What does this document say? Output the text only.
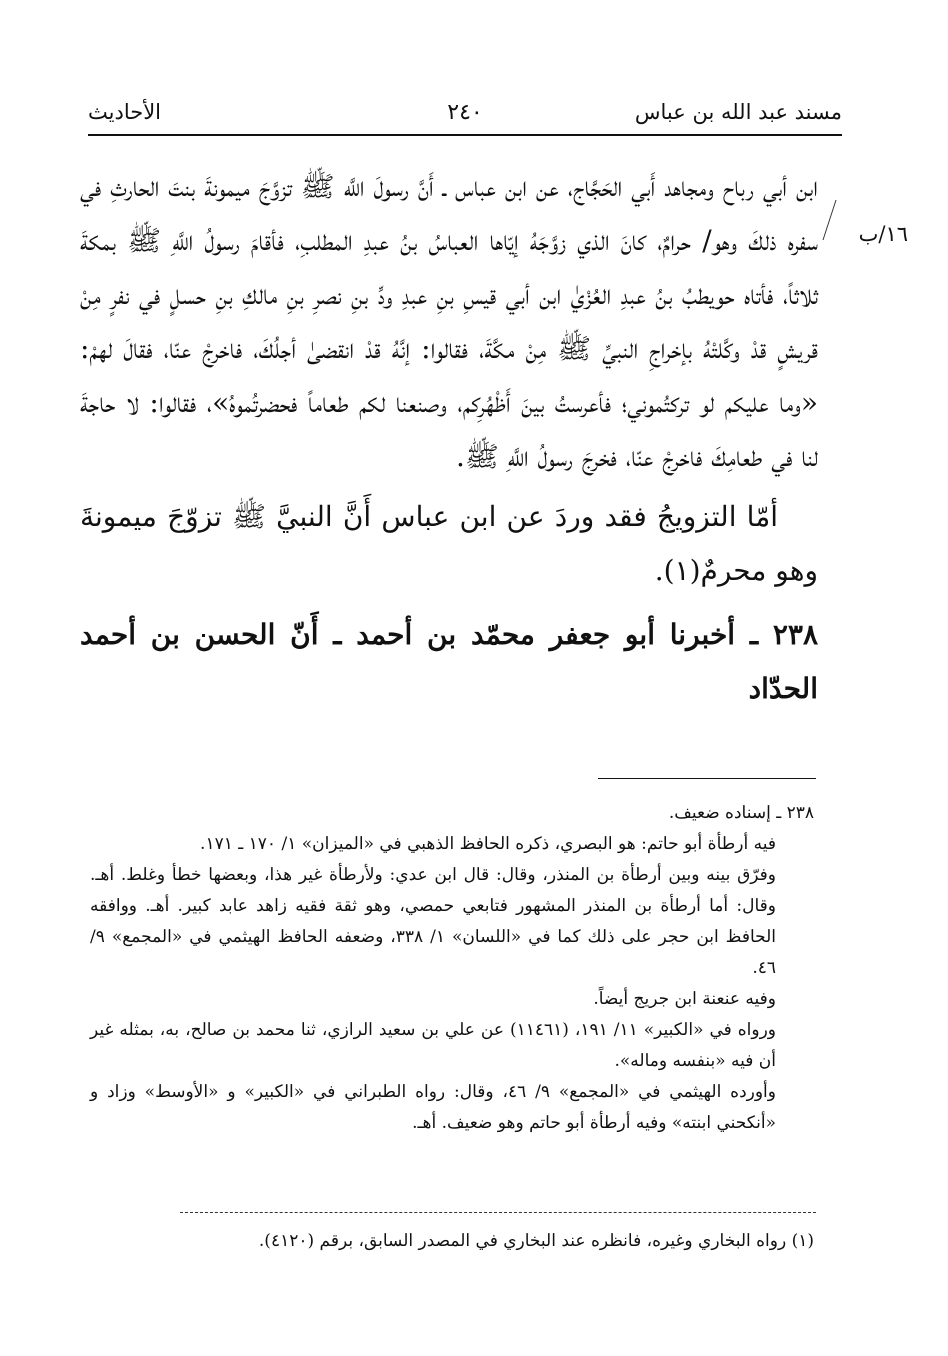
مسند عبد الله بن عباس
٢٤٠
الأحاديث
١٦/ب

ابن أبي رباح ومجاهد أَبي الحَجَّاج، عن ابن عباس ـ أَنَّ رسولَ اللَّه ﷺ تزوَّجَ ميمونةَ بنتَ الحارثِ في سفره ذلكَ وهو/ حرامٌ، كانَ الذي زوَّجَهُ إيّاها العباسُ بنُ عبدِ المطلبِ، فأقامَ رسولُ اللَّهِ ﷺ بمكةَ ثلاثاً، فأتاه حويطبُ بنُ عبدِ العُزْيٰ ابن أبي قيسِ بنِ عبدِ ودِّ بنِ نصرِ بنِ مالكِ بنِ حسلٍ في نفرٍ مِنْ قريشٍ قدْ وكَّلتْهُ بإخراجِ النبيِّ ﷺ مِنْ مكَّةَ، فقالوا: إنَّهُ قدْ انقضىٰ أجلُكَ، فاخرجْ عنّا، فقالَ لهمْ: «وما عليكم لو تركتُموني؛ فأعرستُ بينَ أَظْهُرِكم، وصنعنا لكم طعاماً فحضرتُموهُ»، فقالوا: لا حاجةَ لنا في طعامِكَ فاخرجْ عنّا، فخرجَ رسولُ اللَّهِ ﷺ.

أمّا التزويجُ فقد وردَ عن ابن عباس أَنَّ النبيَّ ﷺ تزوّجَ ميمونةَ وهو محرمٌ(١).

٢٣٨ ـ أخبرنا أبو جعفر محمّد بن أحمد ـ أَنّ الحسن بن أحمد الحدّاد

٢٣٨ ـ إسناده ضعيف.

فيه أرطأة أبو حاتم: هو البصري، ذكره الحافظ الذهبي في «الميزان» ١/ ١٧٠ ـ ١٧١.

وفرّق بينه وبين أرطأة بن المنذر، وقال: قال ابن عدي: ولأرطأة غير هذا، وبعضها خطأ وغلط. أهـ. وقال: أما أرطأة بن المنذر المشهور فتابعي حمصي، وهو ثقة فقيه زاهد عابد كبير. أهـ. ووافقه الحافظ ابن حجر على ذلك كما في «اللسان» ١/ ٣٣٨، وضعفه الحافظ الهيثمي في «المجمع» ٩/ ٤٦.

وفيه عنعنة ابن جريج أيضاً.

ورواه في «الكبير» ١١/ ١٩١، (١١٤٦١) عن علي بن سعيد الرازي، ثنا محمد بن صالح، به، بمثله غير أن فيه «بنفسه وماله».

وأورده الهيثمي في «المجمع» ٩/ ٤٦، وقال: رواه الطبراني في «الكبير» و «الأوسط» وزاد و «أنكحني ابنته» وفيه أرطأة أبو حاتم وهو ضعيف. أهـ.

(١) رواه البخاري وغيره، فانظره عند البخاري في المصدر السابق، برقم (٤١٢٠).
